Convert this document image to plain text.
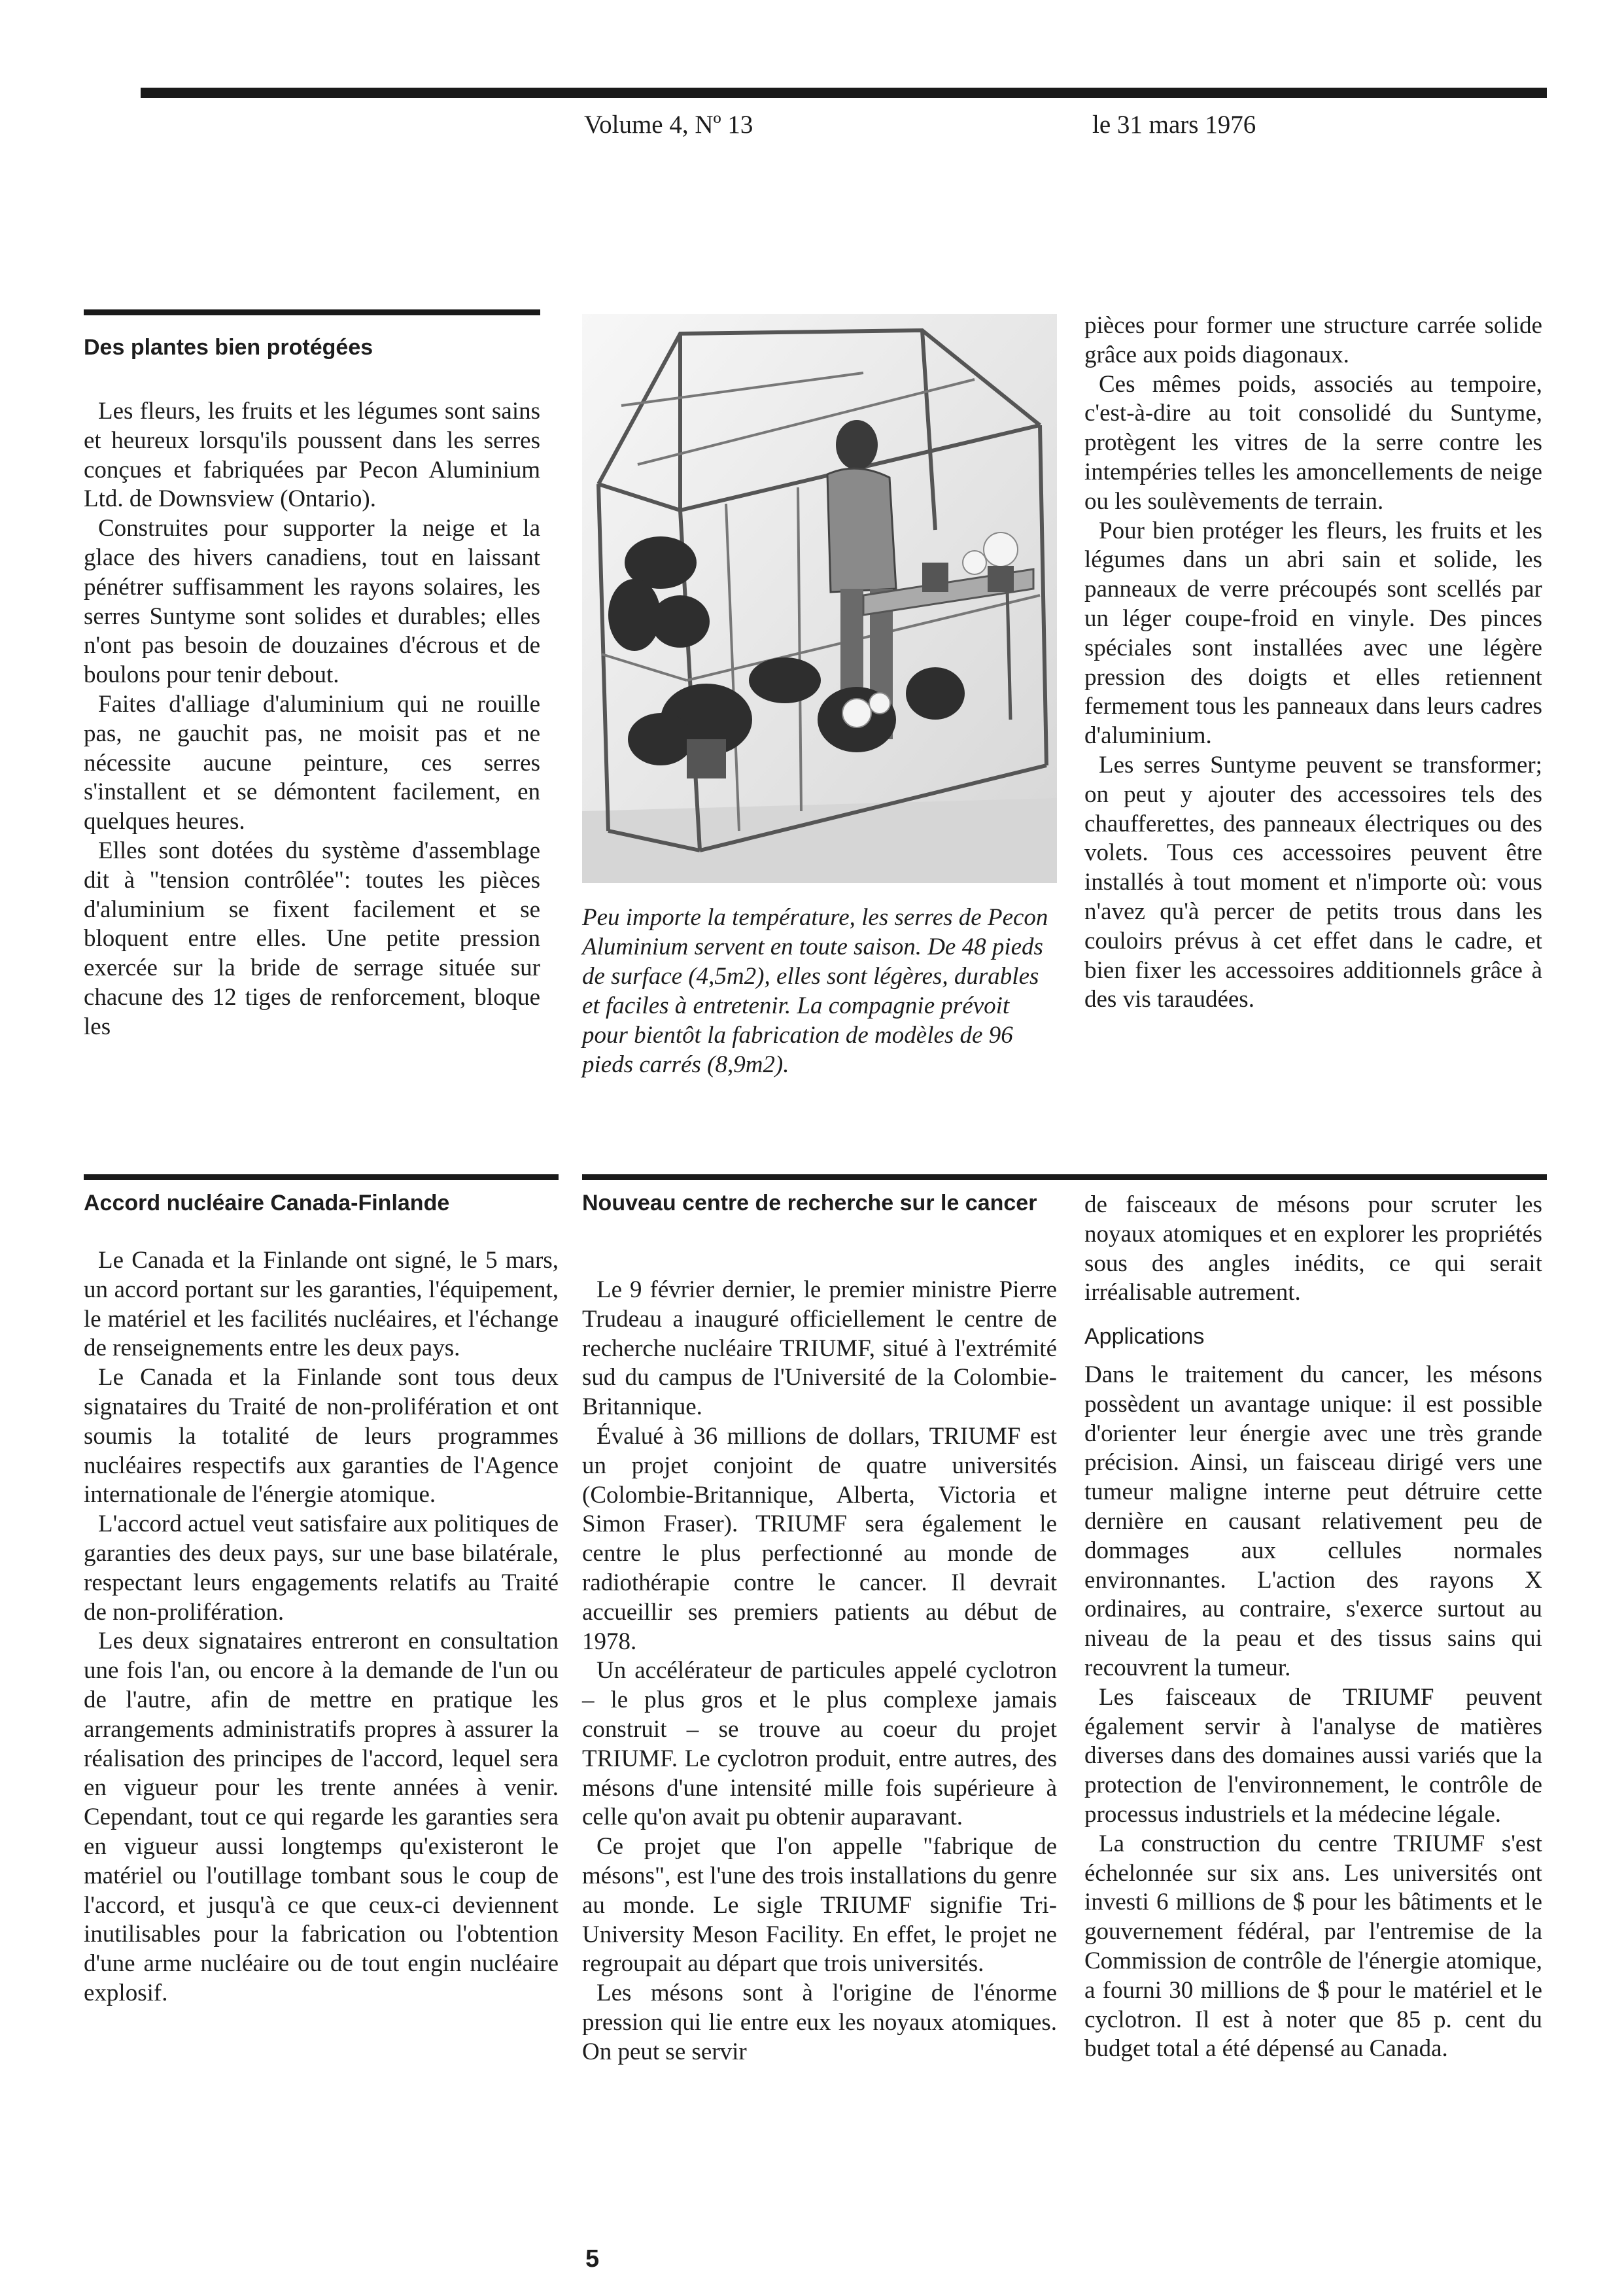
Volume 4, Nº 13	le 31 mars 1976
Des plantes bien protégées

Les fleurs, les fruits et les légumes sont sains et heureux lorsqu'ils poussent dans les serres conçues et fabriquées par Pecon Aluminium Ltd. de Downsview (Ontario).

Construites pour supporter la neige et la glace des hivers canadiens, tout en laissant pénétrer suffisamment les rayons solaires, les serres Suntyme sont solides et durables; elles n'ont pas besoin de douzaines d'écrous et de boulons pour tenir debout.

Faites d'alliage d'aluminium qui ne rouille pas, ne gauchit pas, ne moisit pas et ne nécessite aucune peinture, ces serres s'installent et se démontent facilement, en quelques heures.

Elles sont dotées du système d'assemblage dit à "tension contrôlée": toutes les pièces d'aluminium se fixent facilement et se bloquent entre elles. Une petite pression exercée sur la bride de serrage située sur chacune des 12 tiges de renforcement, bloque les

Peu importe la température, les serres de Pecon Aluminium servent en toute saison. De 48 pieds de surface (4,5m2), elles sont légères, durables et faciles à entretenir. La compagnie prévoit pour bientôt la fabrication de modèles de 96 pieds carrés (8,9m2).

pièces pour former une structure carrée solide grâce aux poids diagonaux.

Ces mêmes poids, associés au tempoire, c'est-à-dire au toit consolidé du Suntyme, protègent les vitres de la serre contre les intempéries telles les amoncellements de neige ou les soulèvements de terrain.

Pour bien protéger les fleurs, les fruits et les légumes dans un abri sain et solide, les panneaux de verre précoupés sont scellés par un léger coupe-froid en vinyle. Des pinces spéciales sont installées avec une légère pression des doigts et elles retiennent fermement tous les panneaux dans leurs cadres d'aluminium.

Les serres Suntyme peuvent se transformer; on peut y ajouter des accessoires tels des chaufferettes, des panneaux électriques ou des volets. Tous ces accessoires peuvent être installés à tout moment et n'importe où: vous n'avez qu'à percer de petits trous dans les couloirs prévus à cet effet dans le cadre, et bien fixer les accessoires additionnels grâce à des vis taraudées.

Accord nucléaire Canada-Finlande

Le Canada et la Finlande ont signé, le 5 mars, un accord portant sur les garanties, l'équipement, le matériel et les facilités nucléaires, et l'échange de renseignements entre les deux pays.

Le Canada et la Finlande sont tous deux signataires du Traité de non-prolifération et ont soumis la totalité de leurs programmes nucléaires respectifs aux garanties de l'Agence internationale de l'énergie atomique.

L'accord actuel veut satisfaire aux politiques de garanties des deux pays, sur une base bilatérale, respectant leurs engagements relatifs au Traité de non-prolifération.

Les deux signataires entreront en consultation une fois l'an, ou encore à la demande de l'un ou de l'autre, afin de mettre en pratique les arrangements administratifs propres à assurer la réalisation des principes de l'accord, lequel sera en vigueur pour les trente années à venir. Cependant, tout ce qui regarde les garanties sera en vigueur aussi longtemps qu'existeront le matériel ou l'outillage tombant sous le coup de l'accord, et jusqu'à ce que ceux-ci deviennent inutilisables pour la fabrication ou l'obtention d'une arme nucléaire ou de tout engin nucléaire explosif.

Nouveau centre de recherche sur le cancer

Le 9 février dernier, le premier ministre Pierre Trudeau a inauguré officiellement le centre de recherche nucléaire TRIUMF, situé à l'extrémité sud du campus de l'Université de la Colombie-Britannique.

Évalué à 36 millions de dollars, TRIUMF est un projet conjoint de quatre universités (Colombie-Britannique, Alberta, Victoria et Simon Fraser). TRIUMF sera également le centre le plus perfectionné au monde de radiothérapie contre le cancer. Il devrait accueillir ses premiers patients au début de 1978.

Un accélérateur de particules appelé cyclotron – le plus gros et le plus complexe jamais construit – se trouve au coeur du projet TRIUMF. Le cyclotron produit, entre autres, des mésons d'une intensité mille fois supérieure à celle qu'on avait pu obtenir auparavant.

Ce projet que l'on appelle "fabrique de mésons", est l'une des trois installations du genre au monde. Le sigle TRIUMF signifie Tri-University Meson Facility. En effet, le projet ne regroupait au départ que trois universités.

Les mésons sont à l'origine de l'énorme pression qui lie entre eux les noyaux atomiques. On peut se servir

de faisceaux de mésons pour scruter les noyaux atomiques et en explorer les propriétés sous des angles inédits, ce qui serait irréalisable autrement.

Applications

Dans le traitement du cancer, les mésons possèdent un avantage unique: il est possible d'orienter leur énergie avec une très grande précision. Ainsi, un faisceau dirigé vers une tumeur maligne interne peut détruire cette dernière en causant relativement peu de dommages aux cellules normales environnantes. L'action des rayons X ordinaires, au contraire, s'exerce surtout au niveau de la peau et des tissus sains qui recouvrent la tumeur.

Les faisceaux de TRIUMF peuvent également servir à l'analyse de matières diverses dans des domaines aussi variés que la protection de l'environnement, le contrôle de processus industriels et la médecine légale.

La construction du centre TRIUMF s'est échelonnée sur six ans. Les universités ont investi 6 millions de $ pour les bâtiments et le gouvernement fédéral, par l'entremise de la Commission de contrôle de l'énergie atomique, a fourni 30 millions de $ pour le matériel et le cyclotron. Il est à noter que 85 p. cent du budget total a été dépensé au Canada.

5
